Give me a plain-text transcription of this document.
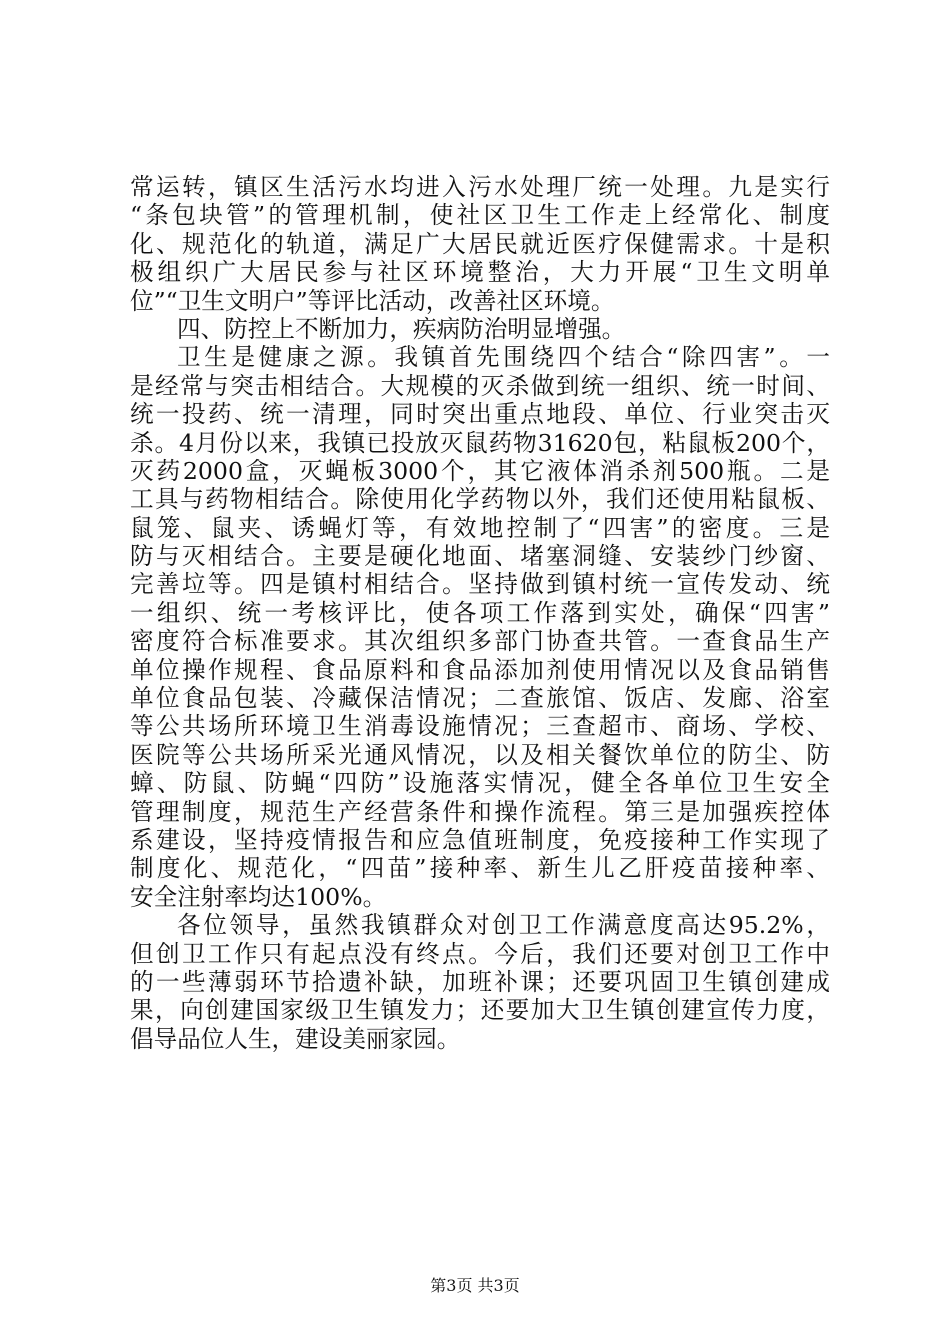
常运转，镇区生活污水均进入污水处理厂统一处理。九是实行
“条包块管”的管理机制，使社区卫生工作走上经常化、制度
化、规范化的轨道，满足广大居民就近医疗保健需求。十是积
极组织广大居民参与社区环境整治，大力开展“卫生文明单
位”“卫生文明户”等评比活动，改善社区环境。
四、防控上不断加力，疾病防治明显增强。
卫生是健康之源。我镇首先围绕四个结合“除四害”。一
是经常与突击相结合。大规模的灭杀做到统一组织、统一时间、
统一投药、统一清理，同时突出重点地段、单位、行业突击灭
杀。4月份以来，我镇已投放灭鼠药物31620包，粘鼠板200个，
灭药2000盒，灭蝇板3000个，其它液体消杀剂500瓶。二是
工具与药物相结合。除使用化学药物以外，我们还使用粘鼠板、
鼠笼、鼠夹、诱蝇灯等，有效地控制了“四害”的密度。三是
防与灭相结合。主要是硬化地面、堵塞洞缝、安装纱门纱窗、
完善垃等。四是镇村相结合。坚持做到镇村统一宣传发动、统
一组织、统一考核评比，使各项工作落到实处，确保“四害”
密度符合标准要求。其次组织多部门协查共管。一查食品生产
单位操作规程、食品原料和食品添加剂使用情况以及食品销售
单位食品包装、冷藏保洁情况；二查旅馆、饭店、发廊、浴室
等公共场所环境卫生消毒设施情况；三查超市、商场、学校、
医院等公共场所采光通风情况，以及相关餐饮单位的防尘、防
蟑、防鼠、防蝇“四防”设施落实情况，健全各单位卫生安全
管理制度，规范生产经营条件和操作流程。第三是加强疾控体
系建设，坚持疫情报告和应急值班制度，免疫接种工作实现了
制度化、规范化，“四苗”接种率、新生儿乙肝疫苗接种率、
安全注射率均达100%。
各位领导，虽然我镇群众对创卫工作满意度高达95.2%，
但创卫工作只有起点没有终点。今后，我们还要对创卫工作中
的一些薄弱环节拾遗补缺，加班补课；还要巩固卫生镇创建成
果，向创建国家级卫生镇发力；还要加大卫生镇创建宣传力度，
倡导品位人生，建设美丽家园。
第3页 共3页
